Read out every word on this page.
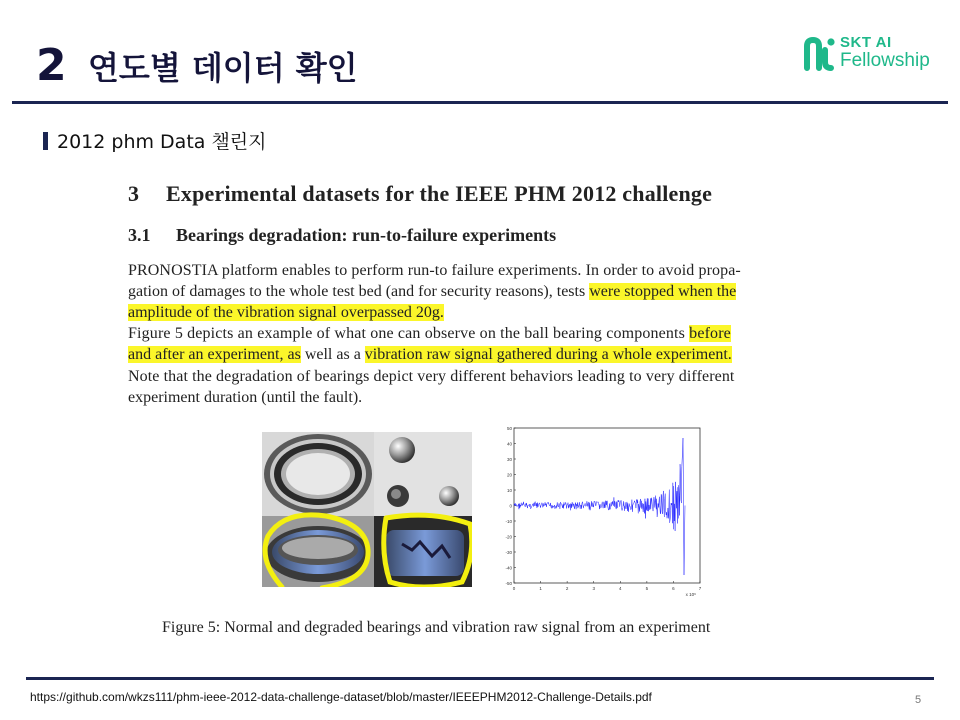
2 연도별 데이터 확인
SKT AI
Fellowship
2012 phm Data 챌린지
3 Experimental datasets for the IEEE PHM 2012 challenge
3.1 Bearings degradation: run-to-failure experiments
PRONOSTIA platform enables to perform run-to failure experiments. In order to avoid propa-
gation of damages to the whole test bed (and for security reasons), tests were stopped when the
amplitude of the vibration signal overpassed 20g.
Figure 5 depicts an example of what one can observe on the ball bearing components before
and after an experiment, as well as a vibration raw signal gathered during a whole experiment.
Note that the degradation of bearings depict very different behaviors leading to very different
experiment duration (until the fault).
50
40
30
20
10
0
-10
-20
-30
-40
-50
0	1	2	3	4	5	6	7
x 10⁶
Figure 5: Normal and degraded bearings and vibration raw signal from an experiment
https://github.com/wkzs111/phm-ieee-2012-data-challenge-dataset/blob/master/IEEEPHM2012-Challenge-Details.pdf	5
